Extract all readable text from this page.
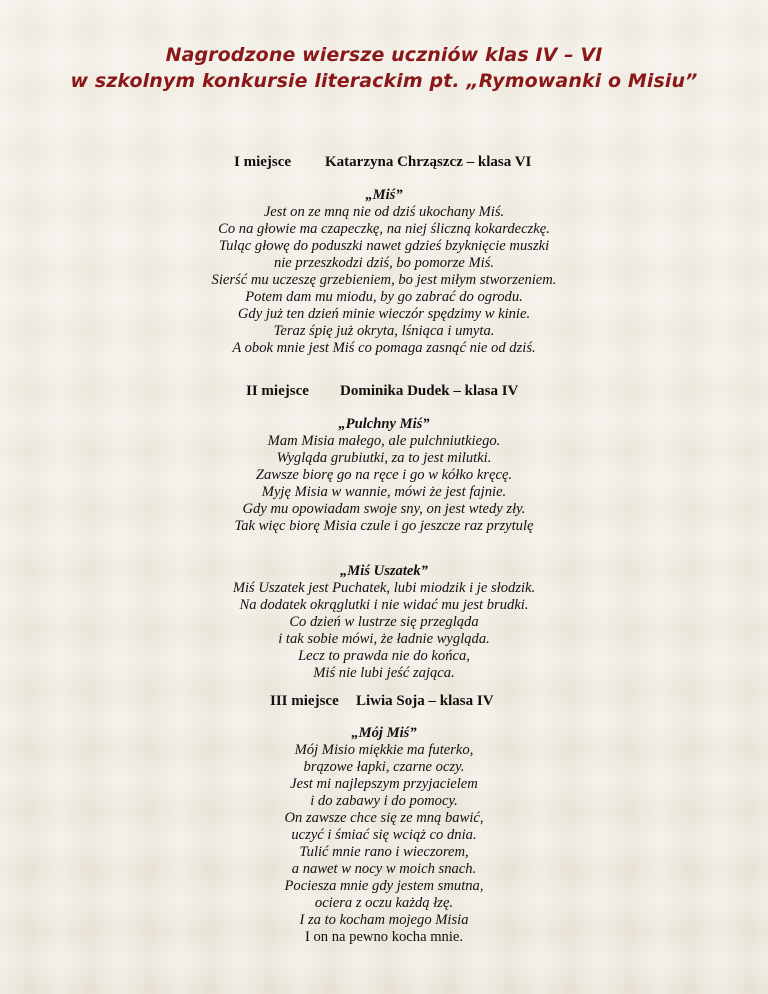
Nagrodzone wiersze uczniów klas IV – VI
w szkolnym konkursie literackim pt. „Rymowanki o Misiu”
I miejsce Katarzyna Chrząszcz – klasa VI
„Miś”
Jest on ze mną nie od dziś ukochany Miś.
Co na głowie ma czapeczkę, na niej śliczną kokardeczkę.
Tuląc głowę do poduszki nawet gdzieś bzyknięcie muszki
nie przeszkodzi dziś, bo pomorze Miś.
Sierść mu uczeszę grzebieniem, bo jest miłym stworzeniem.
Potem dam mu miodu, by go zabrać do ogrodu.
Gdy już ten dzień minie wieczór spędzimy w kinie.
Teraz śpię już okryta, lśniąca i umyta.
A obok mnie jest Miś co pomaga zasnąć nie od dziś.
II miejsce Dominika Dudek – klasa IV
„Pulchny Miś”
Mam Misia małego, ale pulchniutkiego.
Wygląda grubiutki, za to jest milutki.
Zawsze biorę go na ręce i go w kółko kręcę.
Myję Misia w wannie, mówi że jest fajnie.
Gdy mu opowiadam swoje sny, on jest wtedy zły.
Tak więc biorę Misia czule i go jeszcze raz przytulę
„Miś Uszatek”
Miś Uszatek jest Puchatek, lubi miodzik i je słodzik.
Na dodatek okrąglutki i nie widać mu jest brudki.
Co dzień w lustrze się przegląda
i tak sobie mówi, że ładnie wygląda.
Lecz to prawda nie do końca,
Miś nie lubi jeść zająca.
III miejsce Liwia Soja – klasa IV
„Mój Miś”
Mój Misio miękkie ma futerko,
brązowe łapki, czarne oczy.
Jest mi najlepszym przyjacielem
i do zabawy i do pomocy.
On zawsze chce się ze mną bawić,
uczyć i śmiać się wciąż co dnia.
Tulić mnie rano i wieczorem,
a nawet w nocy w moich snach.
Pociesza mnie gdy jestem smutna,
ociera z oczu każdą łzę.
I za to kocham mojego Misia
I on na pewno kocha mnie.
